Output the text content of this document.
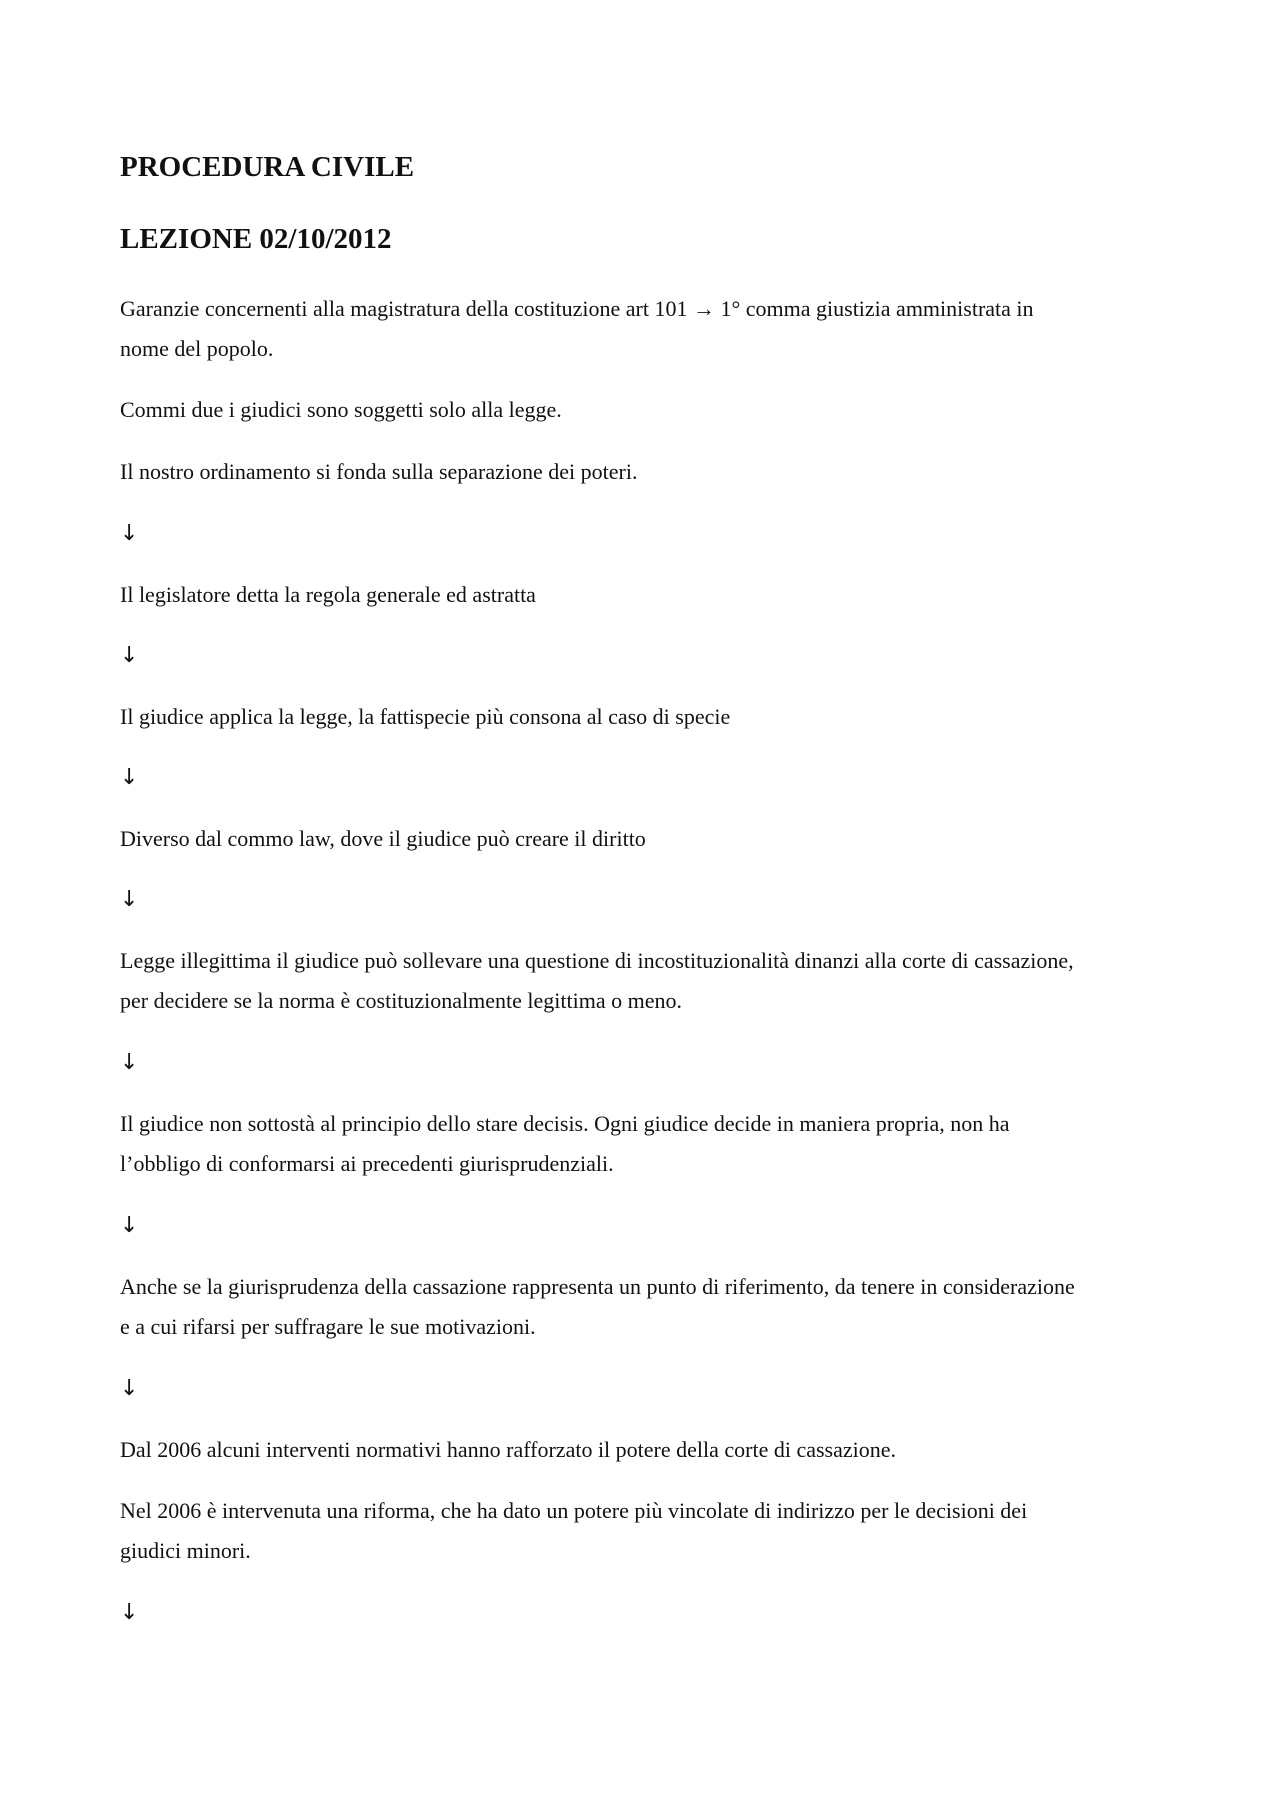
PROCEDURA CIVILE
LEZIONE 02/10/2012

Garanzie concernenti alla magistratura della costituzione art 101 → 1° comma giustizia amministrata in
nome del popolo.

Commi due i giudici sono soggetti solo alla legge.

Il nostro ordinamento si fonda sulla separazione dei poteri.

↓

Il legislatore detta la regola generale ed astratta

↓

Il giudice applica la legge, la fattispecie più consona al caso di specie

↓

Diverso dal commo law, dove il giudice può creare il diritto

↓

Legge illegittima il giudice può sollevare una questione di incostituzionalità dinanzi alla corte di cassazione,
per decidere se la norma è costituzionalmente legittima o meno.

↓

Il giudice non sottostà al principio dello stare decisis. Ogni giudice decide in maniera propria, non ha
l’obbligo di conformarsi ai precedenti giurisprudenziali.

↓

Anche se la giurisprudenza della cassazione rappresenta un punto di riferimento, da tenere in considerazione
e a cui rifarsi per suffragare le sue motivazioni.

↓

Dal 2006 alcuni interventi normativi hanno rafforzato il potere della corte di cassazione.

Nel 2006 è intervenuta una riforma, che ha dato un potere più vincolate di indirizzo per le decisioni dei
giudici minori.

↓
